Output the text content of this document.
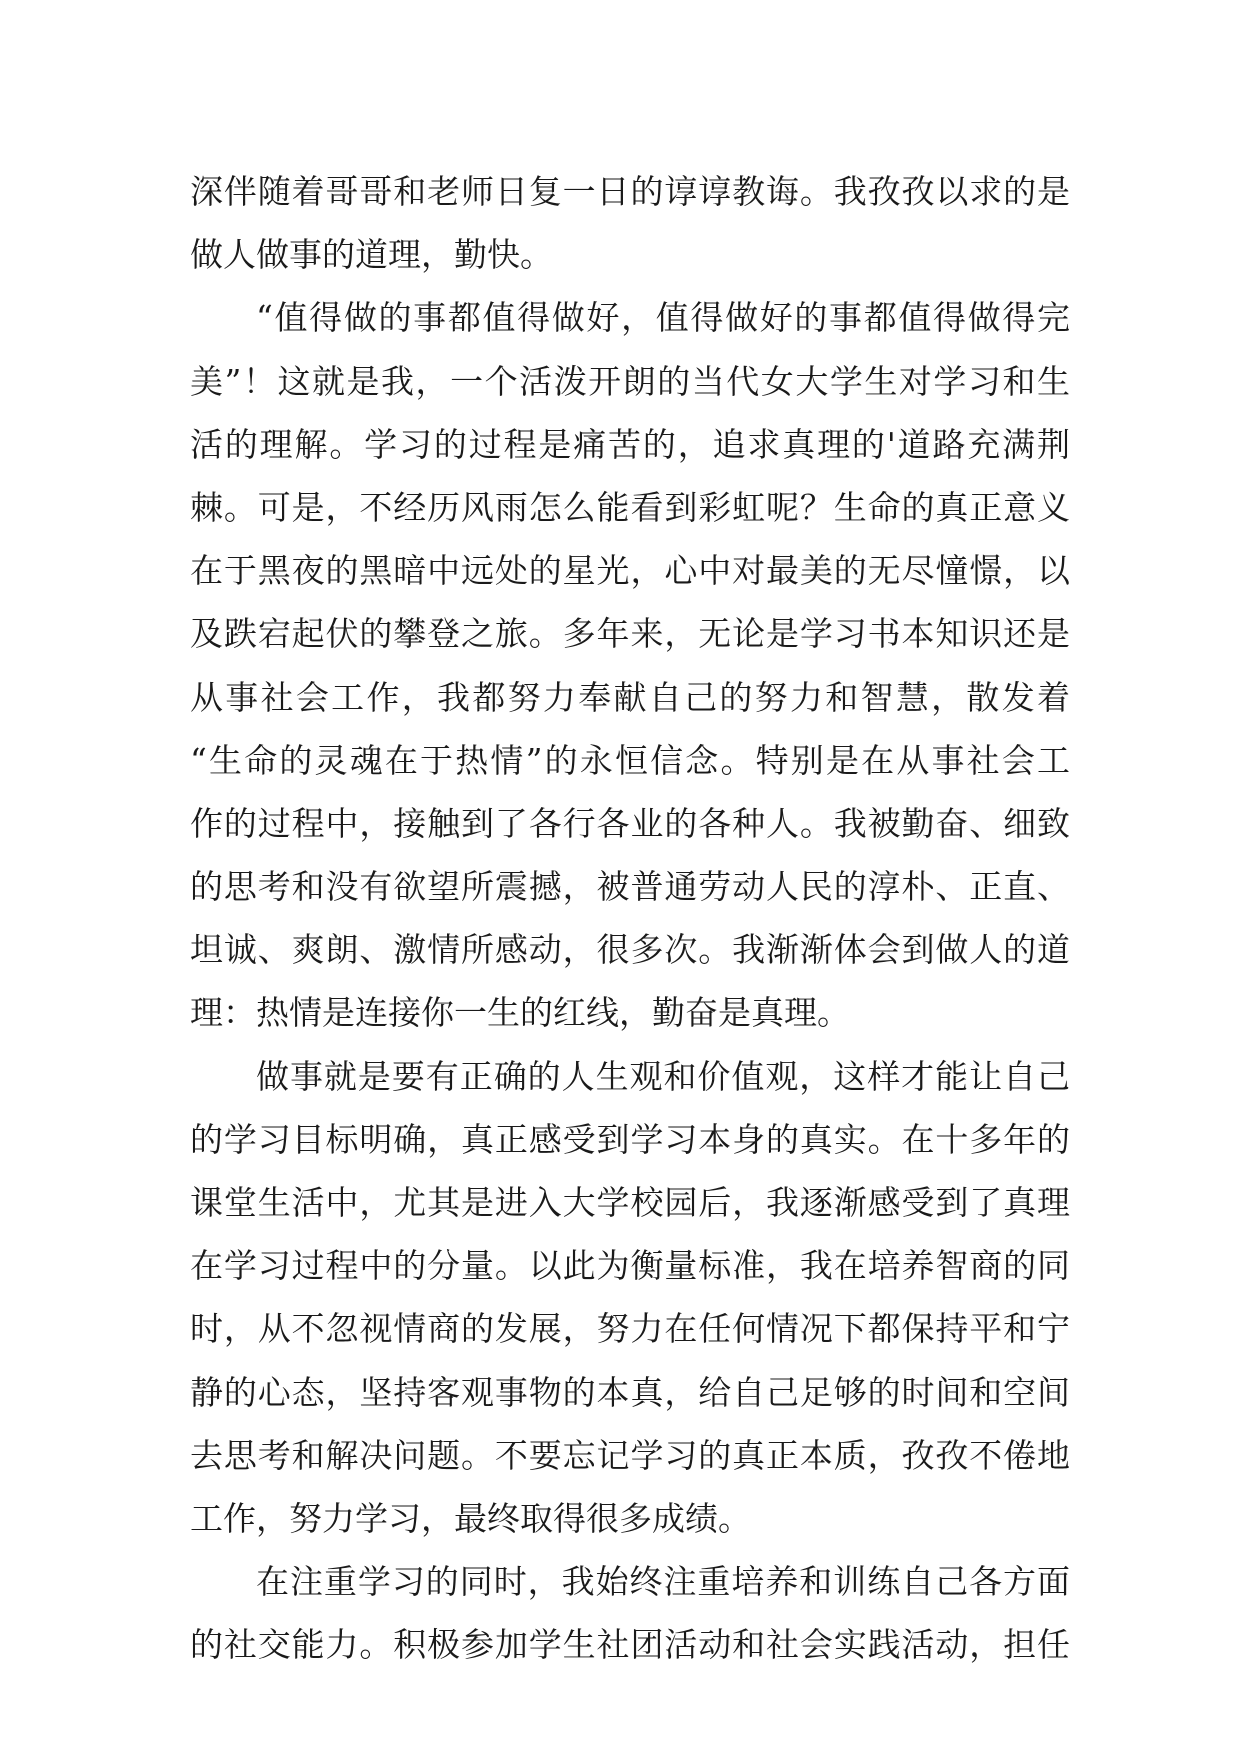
深伴随着哥哥和老师日复一日的谆谆教诲。我孜孜以求的是
做人做事的道理，勤快。
“值得做的事都值得做好，值得做好的事都值得做得完
美”！这就是我，一个活泼开朗的当代女大学生对学习和生
活的理解。学习的过程是痛苦的，追求真理的'道路充满荆
棘。可是，不经历风雨怎么能看到彩虹呢？生命的真正意义
在于黑夜的黑暗中远处的星光，心中对最美的无尽憧憬，以
及跌宕起伏的攀登之旅。多年来，无论是学习书本知识还是
从事社会工作，我都努力奉献自己的努力和智慧，散发着
“生命的灵魂在于热情”的永恒信念。特别是在从事社会工
作的过程中，接触到了各行各业的各种人。我被勤奋、细致
的思考和没有欲望所震撼，被普通劳动人民的淳朴、正直、
坦诚、爽朗、激情所感动，很多次。我渐渐体会到做人的道
理：热情是连接你一生的红线，勤奋是真理。
做事就是要有正确的人生观和价值观，这样才能让自己
的学习目标明确，真正感受到学习本身的真实。在十多年的
课堂生活中，尤其是进入大学校园后，我逐渐感受到了真理
在学习过程中的分量。以此为衡量标准，我在培养智商的同
时，从不忽视情商的发展，努力在任何情况下都保持平和宁
静的心态，坚持客观事物的本真，给自己足够的时间和空间
去思考和解决问题。不要忘记学习的真正本质，孜孜不倦地
工作，努力学习，最终取得很多成绩。
在注重学习的同时，我始终注重培养和训练自己各方面
的社交能力。积极参加学生社团活动和社会实践活动，担任
